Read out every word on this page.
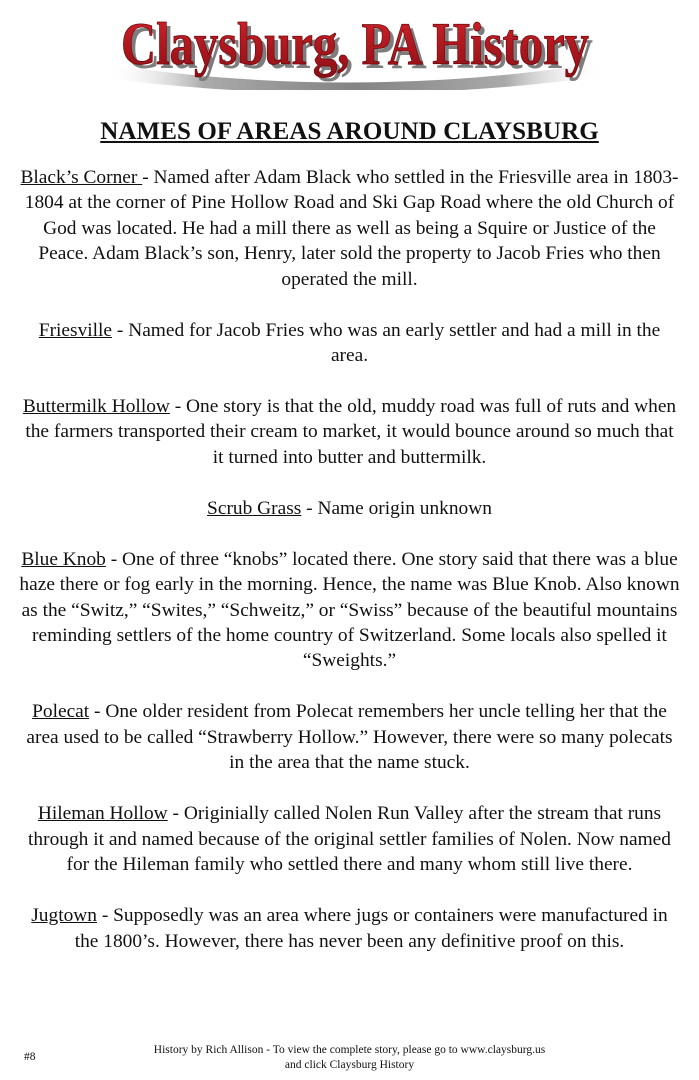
Claysburg, PA History
Claysburg, PA History
NAMES OF AREAS AROUND CLAYSBURG

Black’s Corner - Named after Adam Black who settled in the Friesville area in 1803-1804 at the corner of Pine Hollow Road and Ski Gap Road where the old Church of God was located. He had a mill there as well as being a Squire or Justice of the Peace. Adam Black’s son, Henry, later sold the property to Jacob Fries who then operated the mill.

Friesville - Named for Jacob Fries who was an early settler and had a mill in the area.

Buttermilk Hollow - One story is that the old, muddy road was full of ruts and when the farmers transported their cream to market, it would bounce around so much that it turned into butter and buttermilk.

Scrub Grass - Name origin unknown

Blue Knob - One of three “knobs” located there. One story said that there was a blue haze there or fog early in the morning. Hence, the name was Blue Knob. Also known as the “Switz,” “Swites,” “Schweitz,” or “Swiss” because of the beautiful mountains reminding settlers of the home country of Switzerland. Some locals also spelled it “Sweights.”

Polecat - One older resident from Polecat remembers her uncle telling her that the area used to be called “Strawberry Hollow.” However, there were so many polecats in the area that the name stuck.

Hileman Hollow - Originially called Nolen Run Valley after the stream that runs through it and named because of the original settler families of Nolen. Now named for the Hileman family who settled there and many whom still live there.

Jugtown - Supposedly was an area where jugs or containers were manufactured in the 1800’s. However, there has never been any definitive proof on this.

History by Rich Allison - To view the complete story, please go to www.claysburg.us
and click Claysburg History
#8
